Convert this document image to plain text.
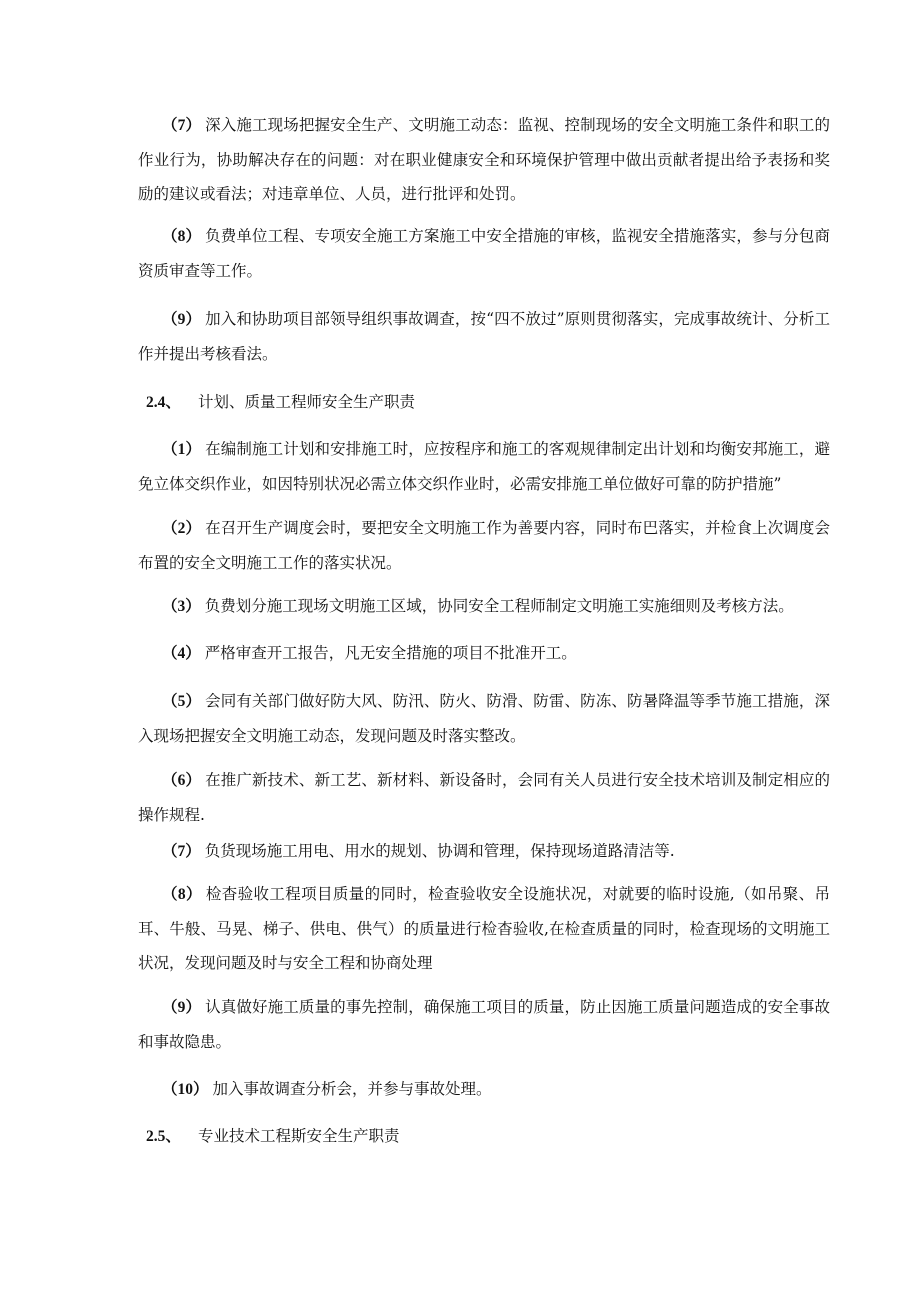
（7） 深入施工现场把握安全生产、文明施工动态：监视、控制现场的安全文明施工条件和职工的作业行为，协助解决存在的问题：对在职业健康安全和环境保护管理中做出贡献者提出给予表扬和奖励的建议或看法；对违章单位、人员，进行批评和处罚。
（8） 负费单位工程、专项安全施工方案施工中安全措施的审核，监视安全措施落实，参与分包商资质审查等工作。
（9） 加入和协助项目部领导组织事故调查，按“四不放过”原则贯彻落实，完成事故统计、分析工作并提出考核看法。
2.4、 计划、质量工程师安全生产职责
（1） 在编制施工计划和安排施工时，应按程序和施工的客观规律制定出计划和均衡安邦施工，避免立体交织作业，如因特别状况必需立体交织作业时，必需安排施工单位做好可靠的防护措施”
（2） 在召开生产调度会时，要把安全文明施工作为善要内容，同时布巴落实，并检食上次调度会布置的安全文明施工工作的落实状况。
（3） 负费划分施工现场文明施工区域，协同安全工程师制定文明施工实施细则及考核方法。
（4） 严格审查开工报告，凡无安全措施的项目不批准开工。
（5） 会同有关部门做好防大风、防汛、防火、防滑、防雷、防冻、防暑降温等季节施工措施，深入现场把握安全文明施工动态，发现问题及时落实整改。
（6） 在推广新技术、新工艺、新材料、新设备时，会同有关人员进行安全技术培训及制定相应的操作规程.
（7） 负货现场施工用电、用水的规划、协调和管理，保持现场道路清洁等.
（8） 检杳验收工程项目质量的同时，检查验收安全设施状况，对就要的临时设施,（如吊聚、吊耳、牛般、马晃、梯子、供电、供气）的质量进行检杳验收,在检查质量的同时，检查现场的文明施工状况，发现问题及时与安全工程和协商处理
（9） 认真做好施工质量的事先控制，确保施工项目的质量，防止因施工质量问题造成的安全事故和事故隐患。
（10） 加入事故调查分析会，并参与事故处理。
2.5、 专业技术工程斯安全生产职责
